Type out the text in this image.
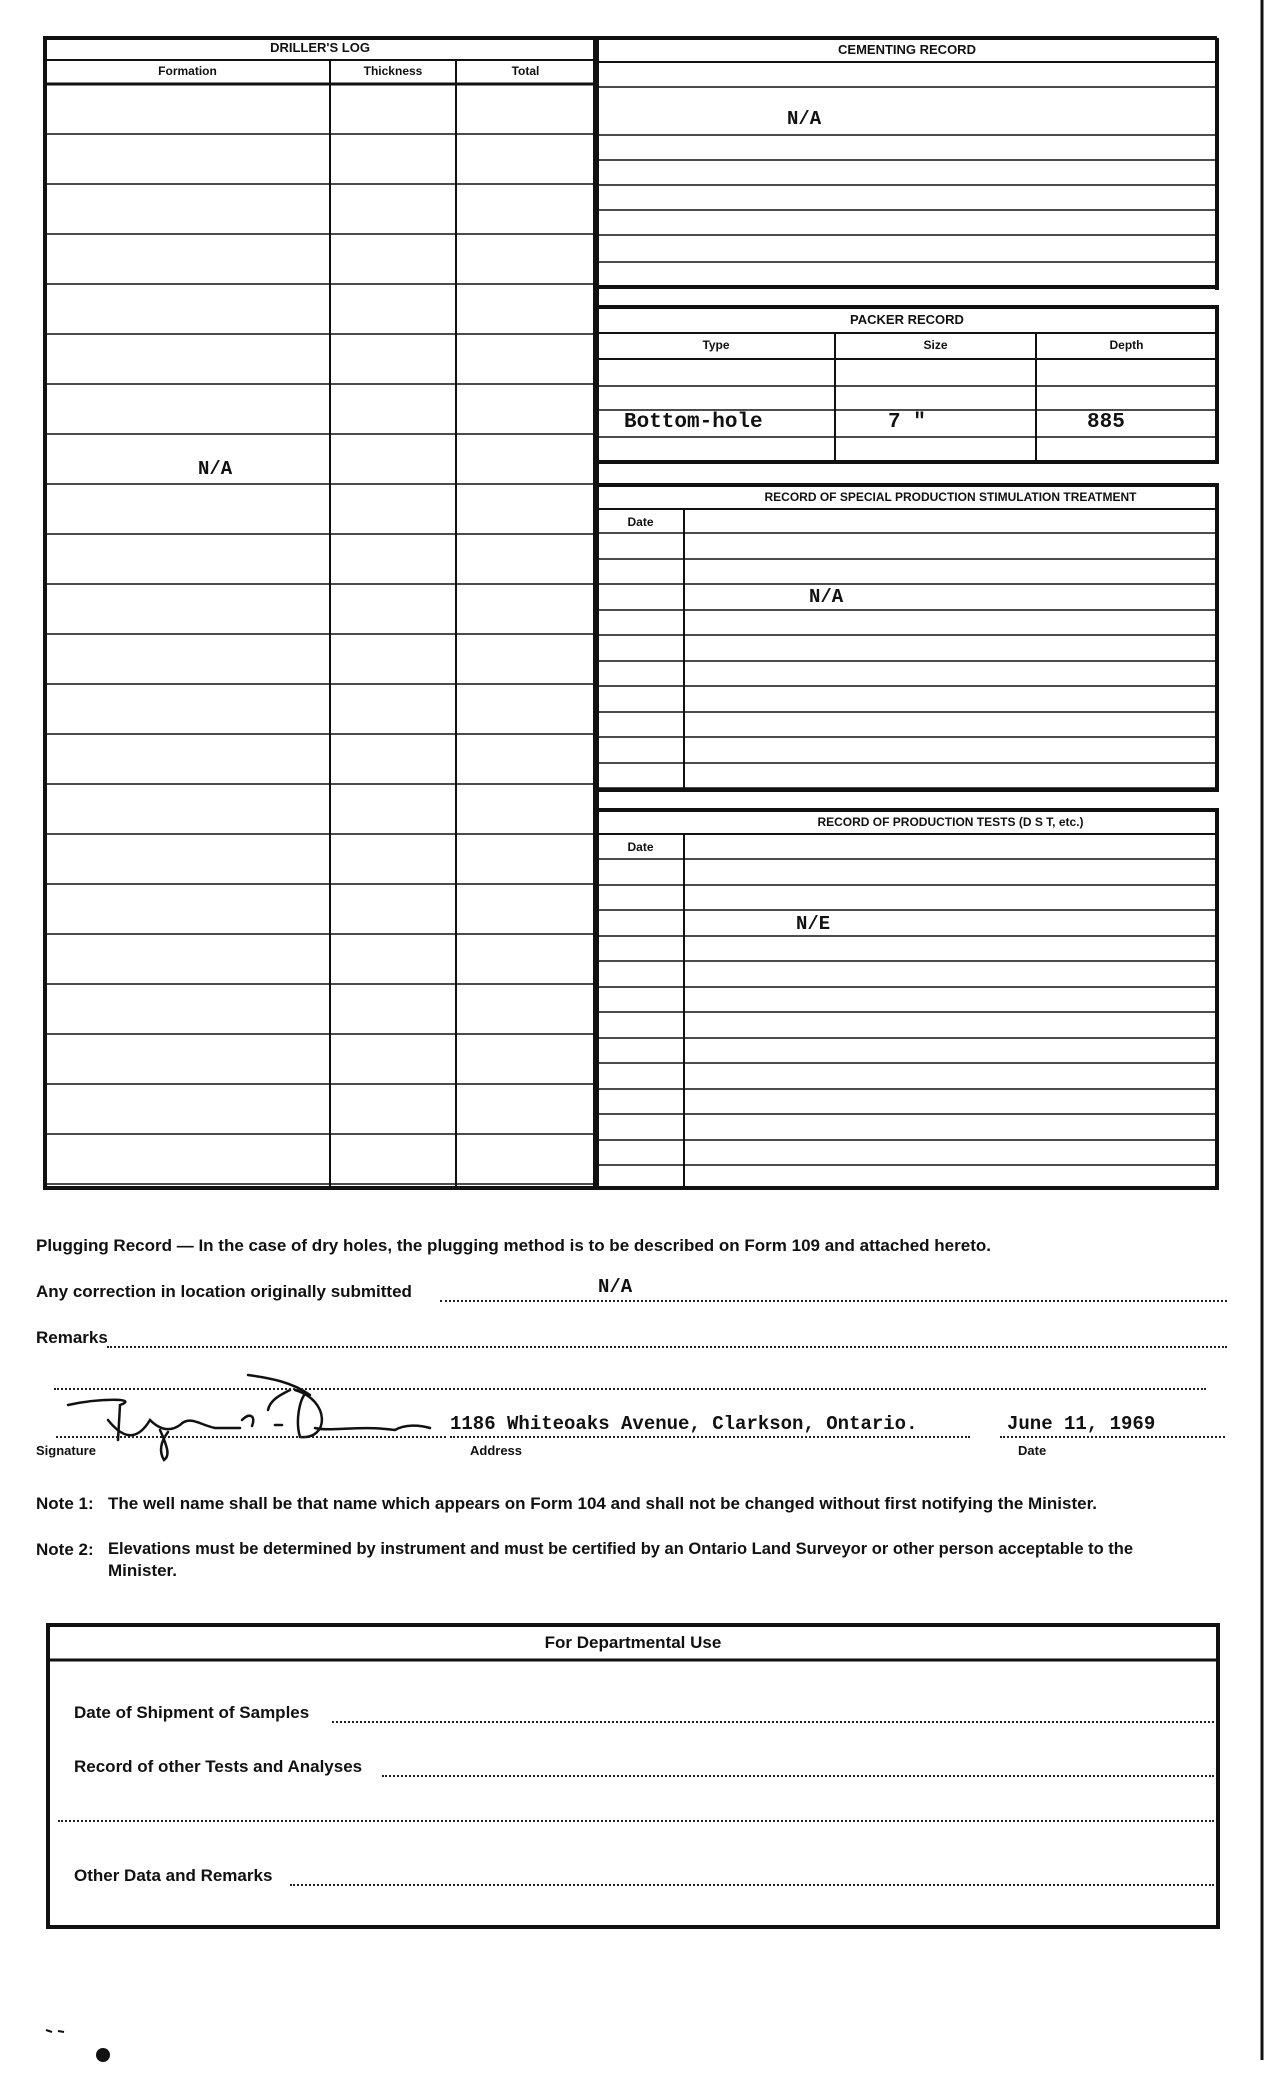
DRILLER'S LOG
Formation	Thickness	Total
N/A
CEMENTING RECORD
N/A
PACKER RECORD
Type	Size	Depth
Bottom-hole	7 "	885
RECORD OF SPECIAL PRODUCTION STIMULATION TREATMENT
Date
N/A
RECORD OF PRODUCTION TESTS (D S T, etc.)
Date
N/E
Plugging Record — In the case of dry holes, the plugging method is to be described on Form 109 and attached hereto.
Any correction in location originally submitted	N/A
Remarks
1186 Whiteoaks Avenue, Clarkson, Ontario.	June 11, 1969
Signature	Address	Date
Note 1: The well name shall be that name which appears on Form 104 and shall not be changed without first notifying the Minister.
Note 2: Elevations must be determined by instrument and must be certified by an Ontario Land Surveyor or other person acceptable to the
Minister.
For Departmental Use
Date of Shipment of Samples
Record of other Tests and Analyses
Other Data and Remarks
